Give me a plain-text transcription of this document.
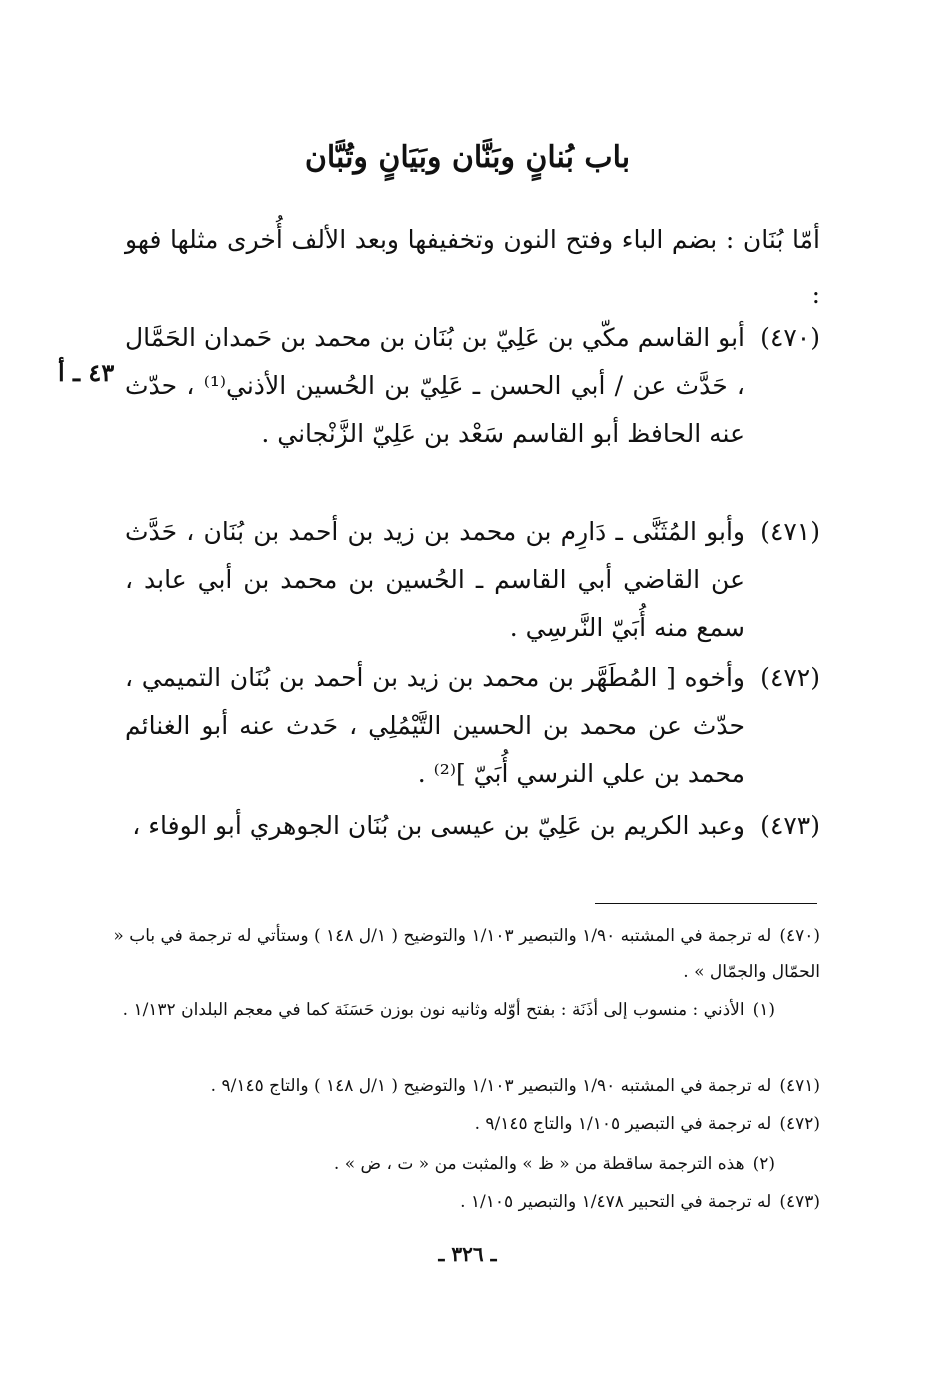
باب بُنانٍ وبَنَّان وبَيَانٍ وتُبَّان
أمّا بُنَان : بضم الباء وفتح النون وتخفيفها وبعد الألف أُخرى مثلها فهو :
(٤٧٠)
أبو القاسم مكّي بن عَلِيّ بن بُنَان بن محمد بن حَمدان الحَمَّال ، حَدَّث عن / أبي الحسن ـ عَلِيّ بن الحُسين الأذني⁽¹⁾ ، حدّث عنه الحافظ أبو القاسم سَعْد بن عَلِيّ الزَّنْجاني .
٤٣ ـ أ
(٤٧١)
وأبو المُثَنَّى ـ دَارِم بن محمد بن زيد بن أحمد بن بُنَان ، حَدَّث عن القاضي أبي القاسم ـ الحُسين بن محمد بن أبي عابد ، سمع منه أُبَيّ النَّرسِي .
(٤٧٢)
وأخوه [ المُطَهَّر بن محمد بن زيد بن أحمد بن بُنَان التميمي ، حدّث عن محمد بن الحسين التَّيْمُلِي ، حَدث عنه أبو الغنائم محمد بن علي النرسي أُبَيّ ]⁽²⁾ .
(٤٧٣)
وعبد الكريم بن عَلِيّ بن عيسى بن بُنَان الجوهري أبو الوفاء ،
(٤٧٠)له ترجمة في المشتبه ١/٩٠ والتبصير ١/١٠٣ والتوضيح ( ١/ل ١٤٨ ) وستأتي له ترجمة في باب « الحمّال والجمّال » .
(١)الأذني : منسوب إلى أذَنَة : بفتح أوّله وثانيه نون بوزن حَسَنَة كما في معجم البلدان ١/١٣٢ .
(٤٧١)له ترجمة في المشتبه ١/٩٠ والتبصير ١/١٠٣ والتوضيح ( ١/ل ١٤٨ ) والتاج ٩/١٤٥ .
(٤٧٢)له ترجمة في التبصير ١/١٠٥ والتاج ٩/١٤٥ .
(٢)هذه الترجمة ساقطة من « ظ » والمثبت من « ت ، ض » .
(٤٧٣)له ترجمة في التحبير ١/٤٧٨ والتبصير ١/١٠٥ .
ـ ٣٢٦ ـ
